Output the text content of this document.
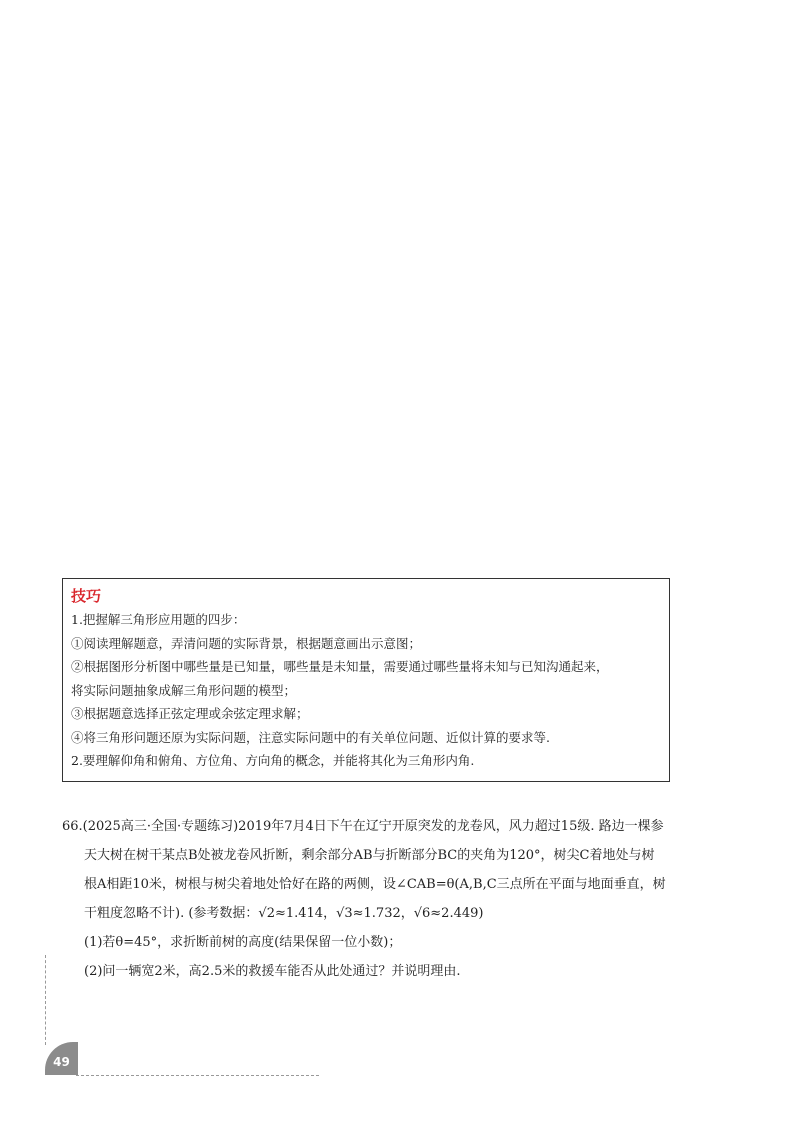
技巧
1.把握解三角形应用题的四步：
①阅读理解题意，弄清问题的实际背景，根据题意画出示意图；
②根据图形分析图中哪些量是已知量，哪些量是未知量，需要通过哪些量将未知与已知沟通起来，
将实际问题抽象成解三角形问题的模型；
③根据题意选择正弦定理或余弦定理求解；
④将三角形问题还原为实际问题，注意实际问题中的有关单位问题、近似计算的要求等.
2.要理解仰角和俯角、方位角、方向角的概念，并能将其化为三角形内角.
66.(2025高三·全国·专题练习)2019年7月4日下午在辽宁开原突发的龙卷风，风力超过15级. 路边一棵参
天大树在树干某点B处被龙卷风折断，剩余部分AB与折断部分BC的夹角为120°，树尖C着地处与树
根A相距10米，树根与树尖着地处恰好在路的两侧，设∠CAB=θ(A,B,C三点所在平面与地面垂直，树
干粗度忽略不计). (参考数据：√2≈1.414，√3≈1.732，√6≈2.449)
(1)若θ=45°，求折断前树的高度(结果保留一位小数)；
(2)问一辆宽2米，高2.5米的救援车能否从此处通过？并说明理由.
49
